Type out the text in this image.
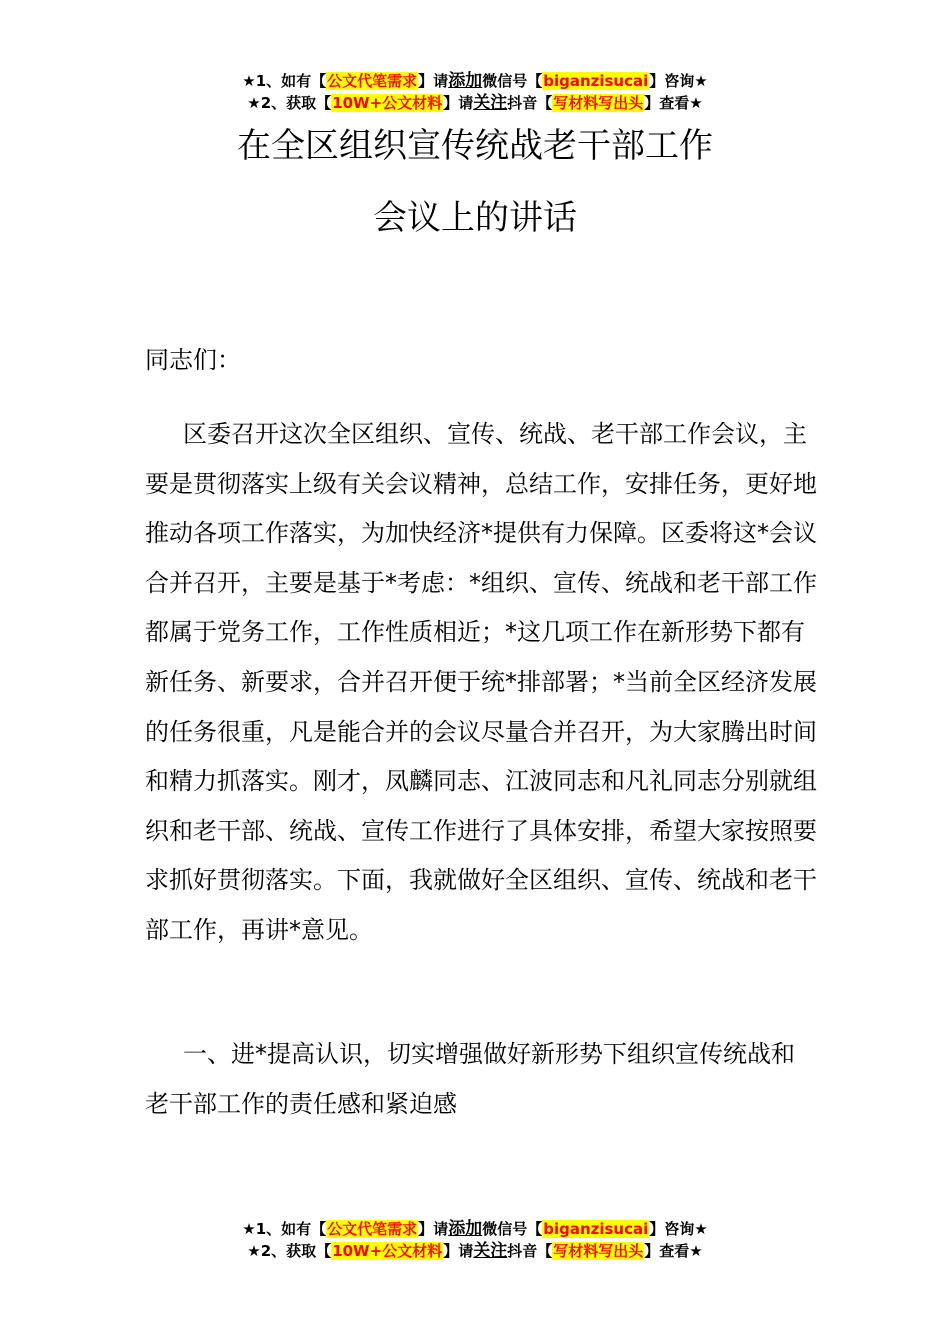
★1、如有【公文代笔需求】请添加微信号【biganzisucai】咨询★
★2、获取【10W+公文材料】请关注抖音【写材料写出头】查看★
在全区组织宣传统战老干部工作
会议上的讲话

同志们：

区委召开这次全区组织、宣传、统战、老干部工作会议，主要是贯彻落实上级有关会议精神，总结工作，安排任务，更好地推动各项工作落实，为加快经济*提供有力保障。区委将这*会议合并召开，主要是基于*考虑：*组织、宣传、统战和老干部工作都属于党务工作，工作性质相近；*这几项工作在新形势下都有新任务、新要求，合并召开便于统*排部署；*当前全区经济发展的任务很重，凡是能合并的会议尽量合并召开，为大家腾出时间和精力抓落实。刚才，凤麟同志、江波同志和凡礼同志分别就组织和老干部、统战、宣传工作进行了具体安排，希望大家按照要求抓好贯彻落实。下面，我就做好全区组织、宣传、统战和老干部工作，再讲*意见。

一、进*提高认识，切实增强做好新形势下组织宣传统战和老干部工作的责任感和紧迫感

★1、如有【公文代笔需求】请添加微信号【biganzisucai】咨询★
★2、获取【10W+公文材料】请关注抖音【写材料写出头】查看★
